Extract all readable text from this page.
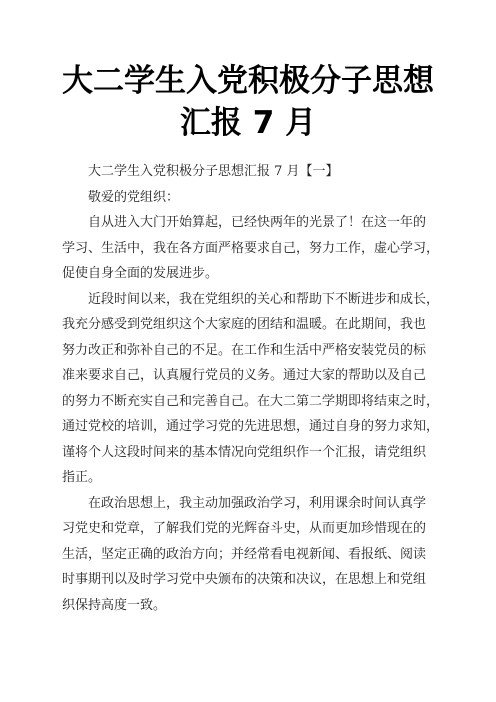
大二学生入党积极分子思想
汇报 7 月
大二学生入党积极分子思想汇报 7 月【一】
敬爱的党组织：
自从进入大门开始算起，已经快两年的光景了！在这一年的
学习、生活中，我在各方面严格要求自己，努力工作，虚心学习，
促使自身全面的发展进步。
近段时间以来，我在党组织的关心和帮助下不断进步和成长，
我充分感受到党组织这个大家庭的团结和温暖。在此期间，我也
努力改正和弥补自己的不足。在工作和生活中严格安装党员的标
准来要求自己，认真履行党员的义务。通过大家的帮助以及自己
的努力不断充实自己和完善自己。在大二第二学期即将结束之时，
通过党校的培训，通过学习党的先进思想，通过自身的努力求知，
谨将个人这段时间来的基本情况向党组织作一个汇报，请党组织
指正。
在政治思想上，我主动加强政治学习，利用课余时间认真学
习党史和党章，了解我们党的光辉奋斗史，从而更加珍惜现在的
生活，坚定正确的政治方向；并经常看电视新闻、看报纸、阅读
时事期刊以及时学习党中央颁布的决策和决议，在思想上和党组
织保持高度一致。
